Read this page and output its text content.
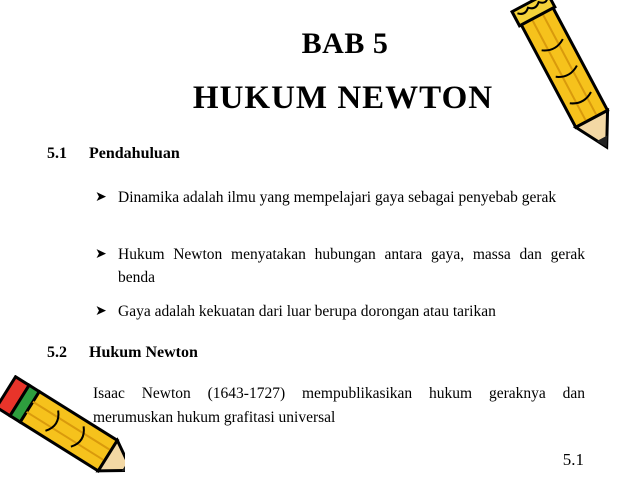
BAB 5
HUKUM NEWTON
5.1 Pendahuluan
➤ Dinamika adalah ilmu yang mempelajari gaya sebagai penyebab gerak
➤ Hukum Newton menyatakan hubungan antara gaya, massa dan gerak benda
➤ Gaya adalah kekuatan dari luar berupa dorongan atau tarikan
5.2 Hukum Newton
Isaac Newton (1643-1727) mempublikasikan hukum geraknya dan merumuskan hukum grafitasi universal
5.1
